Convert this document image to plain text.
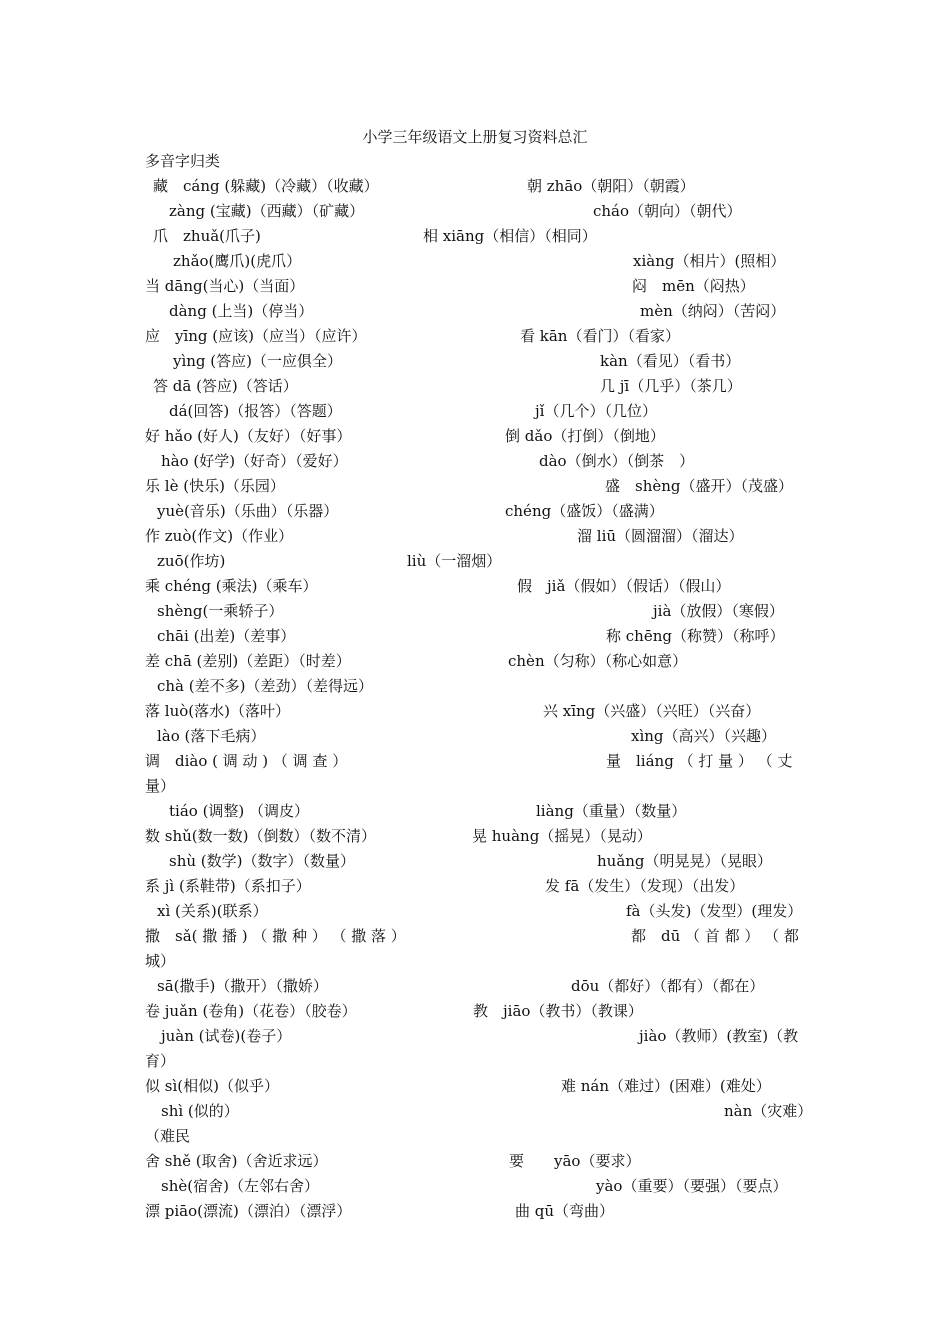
小学三年级语文上册复习资料总汇
多音字归类
藏　cáng (躲藏)（冷藏）（收藏）	朝 zhāo（朝阳）（朝霞）
zàng (宝藏)（西藏）（矿藏）	cháo（朝向）（朝代）
爪　zhuǎ(爪子)	相 xiāng（相信）（相同）
zhǎo(鹰爪)(虎爪）	xiàng（相片）(照相）
当 dāng(当心)（当面）	闷　mēn（闷热）
dàng (上当)（停当）	mèn（纳闷）（苦闷）
应　yīng (应该)（应当）（应许）	看 kān（看门）（看家）
yìng (答应)（一应俱全）	kàn（看见）（看书）
答 dā (答应)（答话）	几 jī（几乎）（茶几）
dá(回答)（报答）（答题）	jǐ（几个）（几位）
好 hǎo (好人)（友好）（好事）	倒 dǎo（打倒）（倒地）
hào (好学)（好奇）（爱好）	dào（倒水）（倒茶　）
乐 lè (快乐)（乐园）	盛　shèng（盛开）（茂盛）
yuè(音乐)（乐曲）（乐器）	chéng（盛饭）（盛满）
作 zuò(作文)（作业）	溜 liū（圆溜溜）（溜达）
zuō(作坊)	liù（一溜烟）
乘 chéng (乘法)（乘车）	假　jiǎ（假如）（假话）（假山）
shèng(一乘轿子）	jià（放假）（寒假）
chāi (出差)（差事）	称 chēng（称赞）（称呼）
差 chā (差别)（差距）（时差）	chèn（匀称）（称心如意）
chà (差不多)（差劲）（差得远）
落 luò(落水)（落叶）	兴 xīng（兴盛）（兴旺）（兴奋）
lào (落下毛病）	xìng（高兴）（兴趣）
调　diào ( 调 动 ) （ 调 查 ）	量　liáng （ 打 量 ） （ 丈
量）
tiáo (调整) （调皮）	liàng（重量）（数量）
数 shǔ(数一数)（倒数）（数不清）	晃 huàng（摇晃）（晃动）
shù (数学)（数字）（数量）	huǎng（明晃晃）（晃眼）
系 jì (系鞋带)（系扣子）	发 fā（发生）（发现）（出发）
xì (关系)(联系）	fà（头发)（发型）(理发）
撒　sǎ( 撒 播 ) （ 撒 种 ） （ 撒 落 ）	都　dū （ 首 都 ） （ 都
城）
sā(撒手)（撒开）（撒娇）	dōu（都好）（都有）（都在）
卷 juǎn (卷角)（花卷）（胶卷）	教　jiāo（教书）（教课）
juàn (试卷)(卷子）	jiào（教师）(教室)（教
育）
似 sì(相似)（似乎）	难 nán（难过）(困难）(难处）
shì (似的）	nàn（灾难）
（难民
舍 shě (取舍)（舍近求远）	要　　yāo（要求）
shè(宿舍)（左邻右舍）	yào（重要）（要强）（要点）
漂 piāo(漂流)（漂泊）（漂浮）	曲 qū（弯曲）
